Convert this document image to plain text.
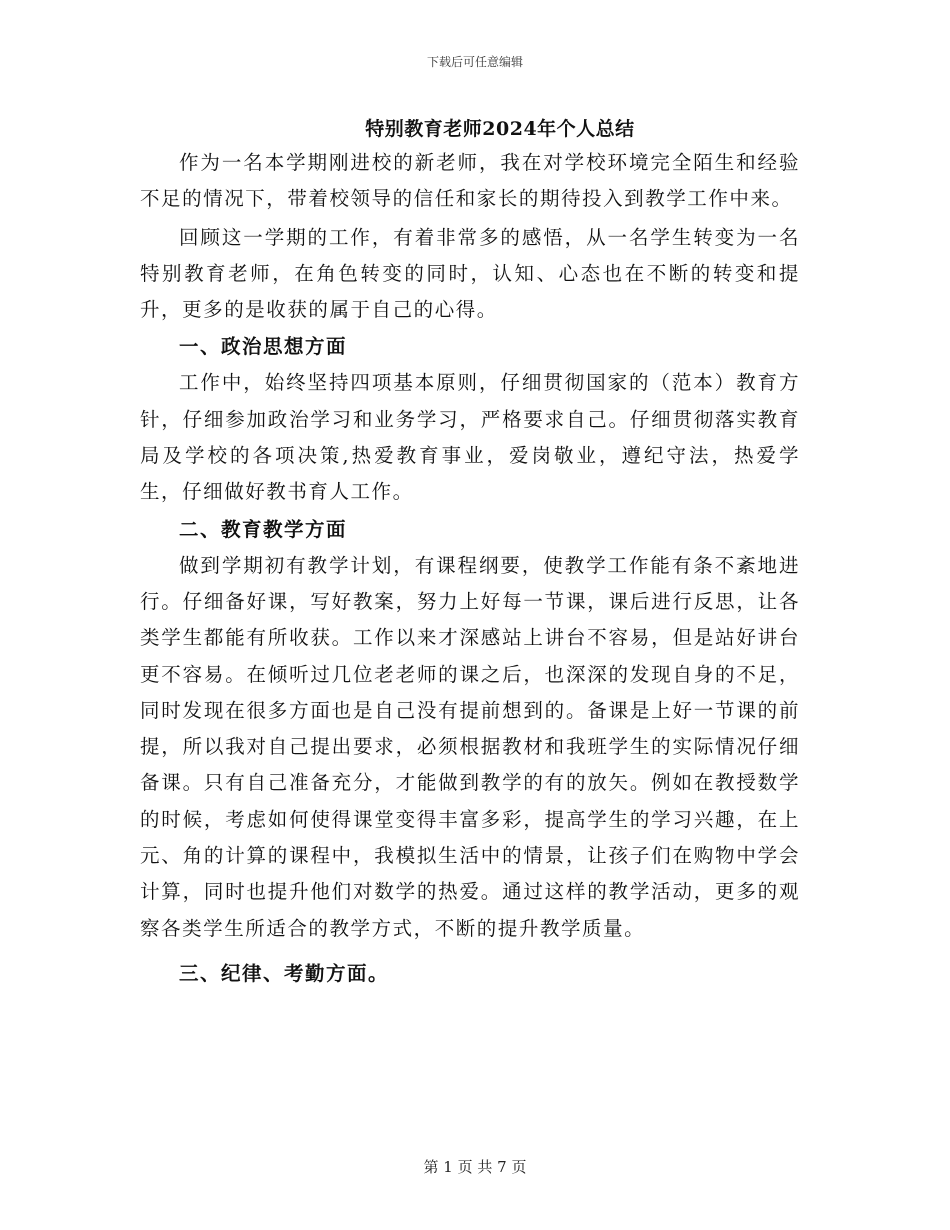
下载后可任意编辑
特别教育老师2024年个人总结

作为一名本学期刚进校的新老师，我在对学校环境完全陌生和经验不足的情况下，带着校领导的信任和家长的期待投入到教学工作中来。

回顾这一学期的工作，有着非常多的感悟，从一名学生转变为一名特别教育老师，在角色转变的同时，认知、心态也在不断的转变和提升，更多的是收获的属于自己的心得。

一、政治思想方面

工作中，始终坚持四项基本原则，仔细贯彻国家的（范本）教育方针，仔细参加政治学习和业务学习，严格要求自己。仔细贯彻落实教育局及学校的各项决策,热爱教育事业，爱岗敬业，遵纪守法，热爱学生，仔细做好教书育人工作。

二、教育教学方面

做到学期初有教学计划，有课程纲要，使教学工作能有条不紊地进行。仔细备好课，写好教案，努力上好每一节课，课后进行反思，让各类学生都能有所收获。工作以来才深感站上讲台不容易，但是站好讲台更不容易。在倾听过几位老老师的课之后，也深深的发现自身的不足，同时发现在很多方面也是自己没有提前想到的。备课是上好一节课的前提，所以我对自己提出要求，必须根据教材和我班学生的实际情况仔细备课。只有自己准备充分，才能做到教学的有的放矢。例如在教授数学的时候，考虑如何使得课堂变得丰富多彩，提高学生的学习兴趣，在上元、角的计算的课程中，我模拟生活中的情景，让孩子们在购物中学会计算，同时也提升他们对数学的热爱。通过这样的教学活动，更多的观察各类学生所适合的教学方式，不断的提升教学质量。

三、纪律、考勤方面。

第 1 页 共 7 页
